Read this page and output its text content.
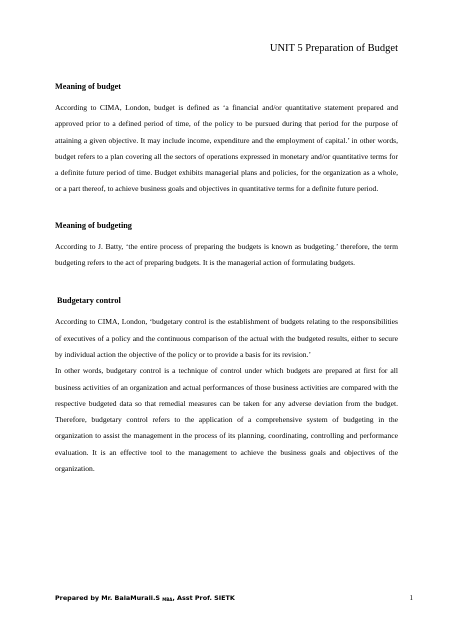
UNIT 5 Preparation of Budget

Meaning of budget

According to CIMA, London, budget is defined as ‘a financial and/or quantitative statement prepared and approved prior to a defined period of time, of the policy to be pursued during that period for the purpose of attaining a given objective. It may include income, expenditure and the employment of capital.’ in other words, budget refers to a plan covering all the sectors of operations expressed in monetary and/or quantitative terms for a definite future period of time. Budget exhibits managerial plans and policies, for the organization as a whole, or a part thereof, to achieve business goals and objectives in quantitative terms for a definite future period.

Meaning of budgeting

According to J. Batty, ‘the entire process of preparing the budgets is known as budgeting.’ therefore, the term budgeting refers to the act of preparing budgets. It is the managerial action of formulating budgets.

Budgetary control

According to CIMA, London, ‘budgetary control is the establishment of budgets relating to the responsibilities of executives of a policy and the continuous comparison of the actual with the budgeted results, either to secure by individual action the objective of the policy or to provide a basis for its revision.’

In other words, budgetary control is a technique of control under which budgets are prepared at first for all business activities of an organization and actual performances of those business activities are compared with the respective budgeted data so that remedial measures can be taken for any adverse deviation from the budget. Therefore, budgetary control refers to the application of a comprehensive system of budgeting in the organization to assist the management in the process of its planning, coordinating, controlling and performance evaluation. It is an effective tool to the management to achieve the business goals and objectives of the organization.

Prepared by Mr. BalaMurali.S $_{MBA}$, Asst Prof. SIETK	1
